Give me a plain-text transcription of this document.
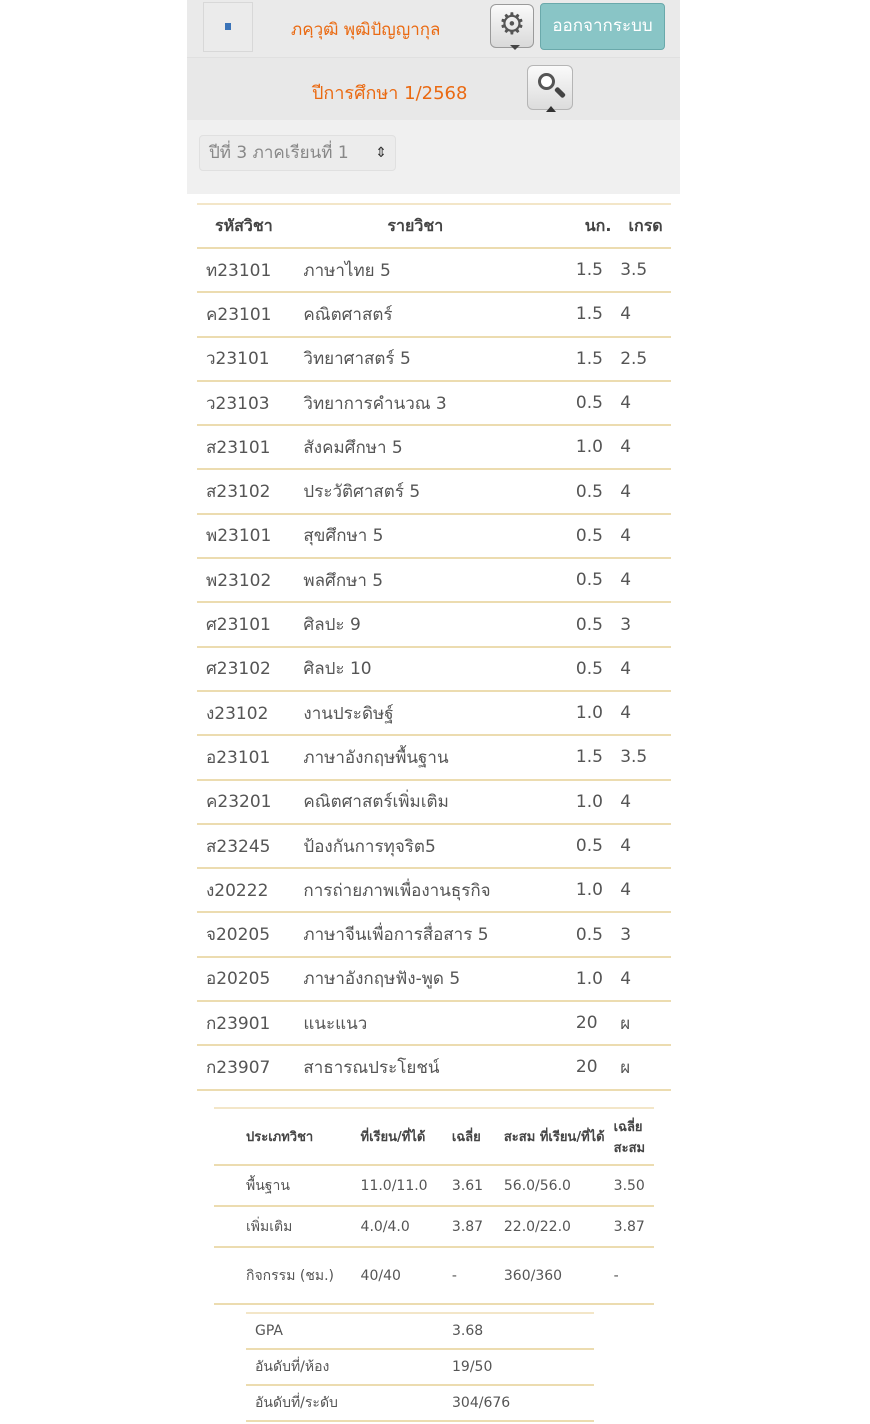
ภคฺวุฒิ พุฒิปัญญากุล ⚙	ออกจากระบบ
ปีการศึกษา 1/2568
ปีที่ 3 ภาคเรียนที่ 1 ⇕
รหัสวิชา	รายวิชา	นก.	เกรด
ท23101	ภาษาไทย 5	1.5	3.5
ค23101	คณิตศาสตร์	1.5	4
ว23101	วิทยาศาสตร์ 5	1.5	2.5
ว23103	วิทยาการคำนวณ 3	0.5	4
ส23101	สังคมศึกษา 5	1.0	4
ส23102	ประวัติศาสตร์ 5	0.5	4
พ23101	สุขศึกษา 5	0.5	4
พ23102	พลศึกษา 5	0.5	4
ศ23101	ศิลปะ 9	0.5	3
ศ23102	ศิลปะ 10	0.5	4
ง23102	งานประดิษฐ์	1.0	4
อ23101	ภาษาอังกฤษพื้นฐาน	1.5	3.5
ค23201	คณิตศาสตร์เพิ่มเติม	1.0	4
ส23245	ป้องกันการทุจริต5	0.5	4
ง20222	การถ่ายภาพเพื่องานธุรกิจ	1.0	4
จ20205	ภาษาจีนเพื่อการสื่อสาร 5	0.5	3
อ20205	ภาษาอังกฤษฟัง-พูด 5	1.0	4
ก23901	แนะแนว	20	ผ
ก23907	สาธารณประโยชน์	20	ผ
ประเภทวิชา	ที่เรียน/ที่ได้	เฉลี่ย	สะสม ที่เรียน/ที่ได้	เฉลี่ยสะสม
พื้นฐาน	11.0/11.0	3.61	56.0/56.0	3.50
เพิ่มเติม	4.0/4.0	3.87	22.0/22.0	3.87
กิจกรรม (ชม.)	40/40	-	360/360	-
GPA	3.68
อันดับที่/ห้อง	19/50
อันดับที่/ระดับ	304/676
